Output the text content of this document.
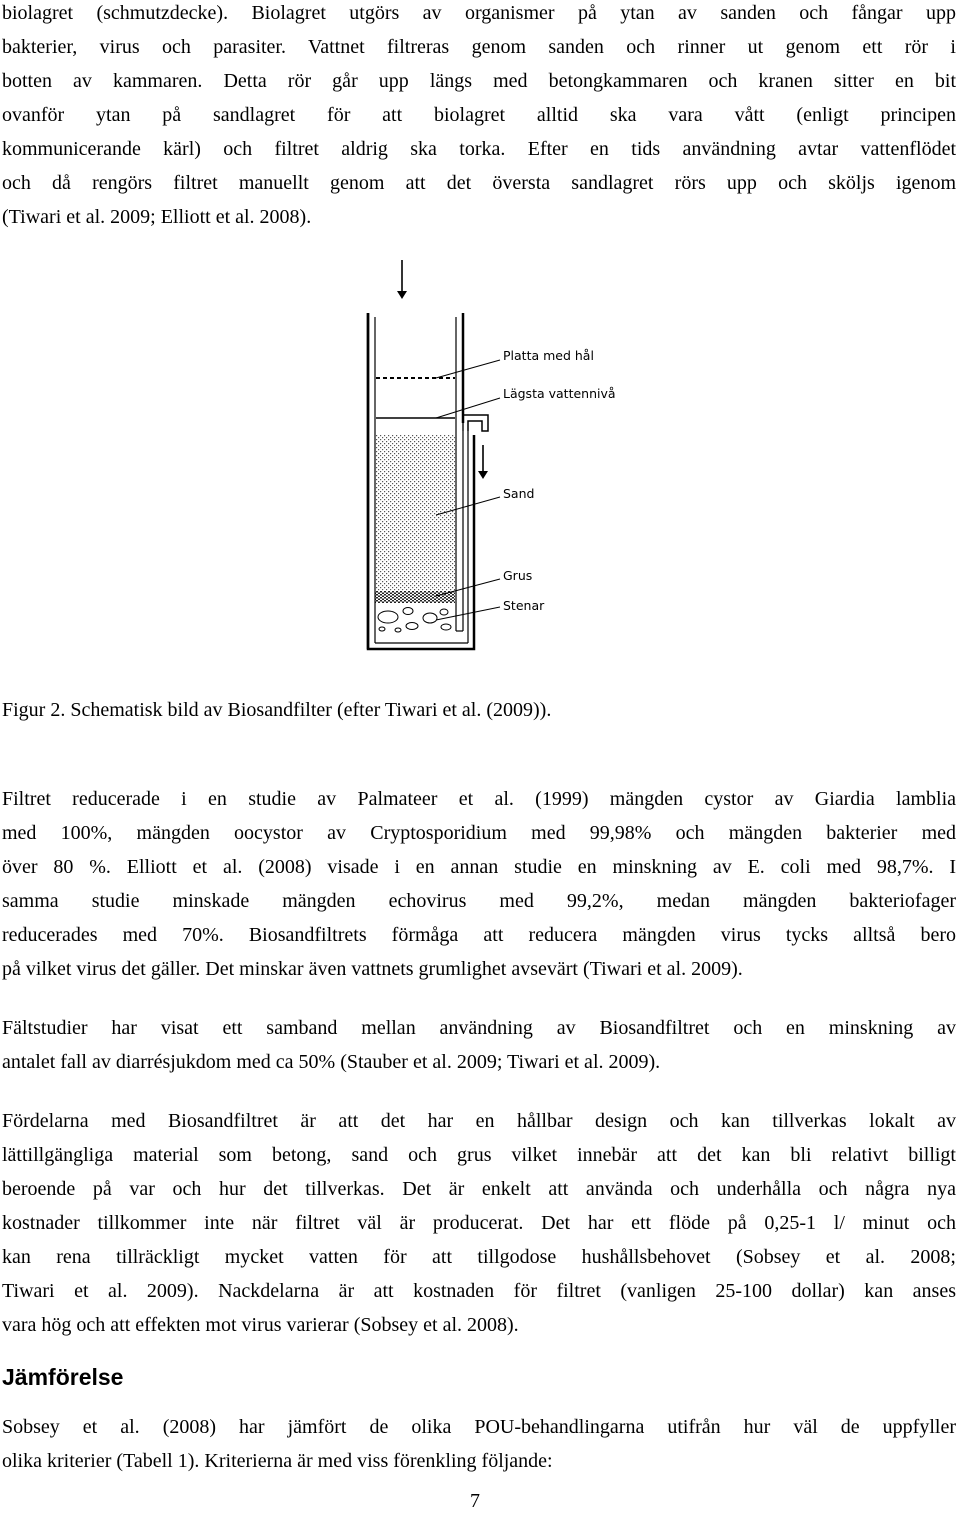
biolagret (schmutzdecke). Biolagret utgörs av organismer på ytan av sanden och fångar upp
bakterier, virus och parasiter. Vattnet filtreras genom sanden och rinner ut genom ett rör i
botten av kammaren. Detta rör går upp längs med betongkammaren och kranen sitter en bit
ovanför ytan på sandlagret för att biolagret alltid ska vara vått (enligt principen
kommunicerande kärl) och filtret aldrig ska torka. Efter en tids användning avtar vattenflödet
och då rengörs filtret manuellt genom att det översta sandlagret rörs upp och sköljs igenom
(Tiwari et al. 2009; Elliott et al. 2008).
Platta med hål
Lägsta vattennivå
Sand
Grus
Stenar

Figur 2. Schematisk bild av Biosandfilter (efter Tiwari et al. (2009)).

Filtret reducerade i en studie av Palmateer et al. (1999) mängden cystor av Giardia lamblia
med 100%, mängden oocystor av Cryptosporidium med 99,98% och mängden bakterier med
över 80 %. Elliott et al. (2008) visade i en annan studie en minskning av E. coli med 98,7%. I
samma studie minskade mängden echovirus med 99,2%, medan mängden bakteriofager
reducerades med 70%. Biosandfiltrets förmåga att reducera mängden virus tycks alltså bero
på vilket virus det gäller. Det minskar även vattnets grumlighet avsevärt (Tiwari et al. 2009).
Fältstudier har visat ett samband mellan användning av Biosandfiltret och en minskning av
antalet fall av diarrésjukdom med ca 50% (Stauber et al. 2009; Tiwari et al. 2009).
Fördelarna med Biosandfiltret är att det har en hållbar design och kan tillverkas lokalt av
lättillgängliga material som betong, sand och grus vilket innebär att det kan bli relativt billigt
beroende på var och hur det tillverkas. Det är enkelt att använda och underhålla och några nya
kostnader tillkommer inte när filtret väl är producerat. Det har ett flöde på 0,25-1 l/ minut och
kan rena tillräckligt mycket vatten för att tillgodose hushållsbehovet (Sobsey et al. 2008;
Tiwari et al. 2009). Nackdelarna är att kostnaden för filtret (vanligen 25-100 dollar) kan anses
vara hög och att effekten mot virus varierar (Sobsey et al. 2008).
Jämförelse
Sobsey et al. (2008) har jämfört de olika POU-behandlingarna utifrån hur väl de uppfyller
olika kriterier (Tabell 1). Kriterierna är med viss förenkling följande:
7
